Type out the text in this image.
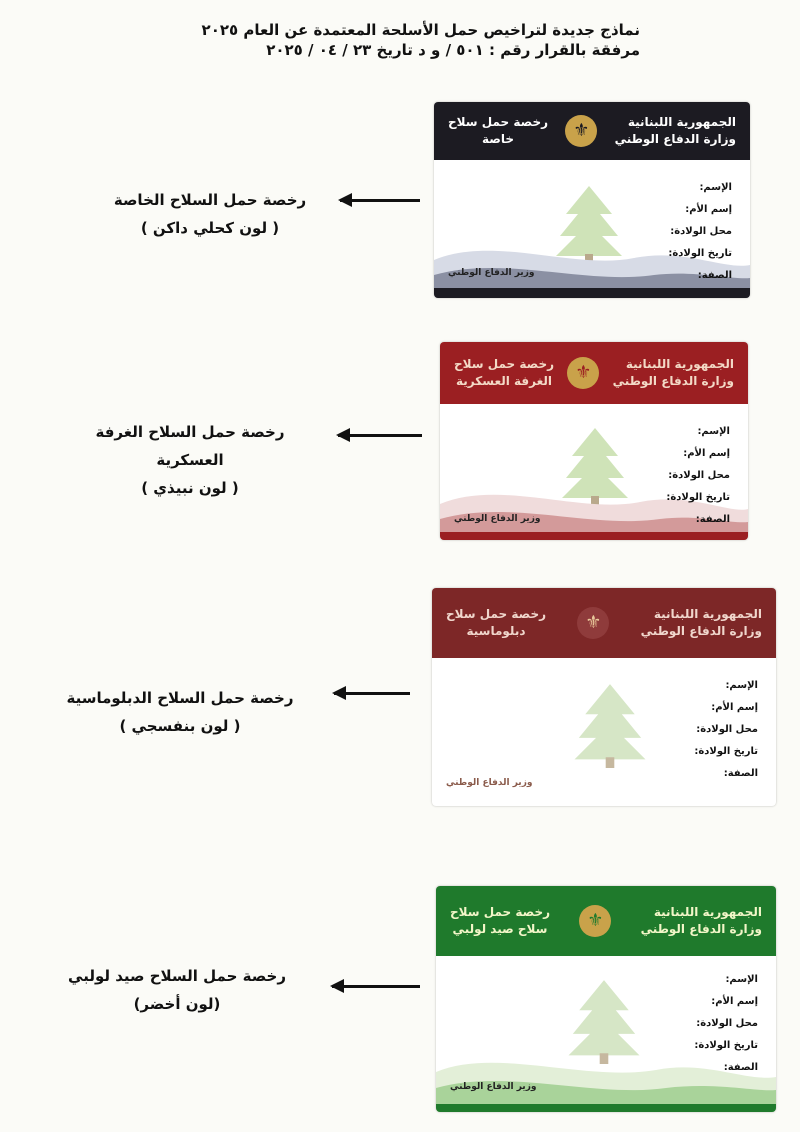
نماذج جديدة لتراخيص حمل الأسلحة المعتمدة عن العام ٢٠٢٥
مرفقة بالقرار رقم : ٥٠١ / و د تاريخ ٢٣ / ٠٤ / ٢٠٢٥
رخصة حمل السلاح الخاصة
( لون كحلي داكن )
الجمهورية اللبنانية
وزارة الدفاع الوطني
⚜
رخصة حمل سلاح
خاصة
الإسم:
إسم الأم:
محل الولادة:
تاريخ الولادة:
الصفة:
وزير الدفاع الوطني
رخصة حمل السلاح الغرفة العسكرية
( لون نبيذي )
الجمهورية اللبنانية
وزارة الدفاع الوطني
⚜
رخصة حمل سلاح
الغرفة العسكرية
الإسم:
إسم الأم:
محل الولادة:
تاريخ الولادة:
الصفة:
وزير الدفاع الوطني
رخصة حمل السلاح الدبلوماسية
( لون بنفسجي )
الجمهورية اللبنانية
وزارة الدفاع الوطني
⚜
رخصة حمل سلاح
دبلوماسية
الإسم:
إسم الأم:
محل الولادة:
تاريخ الولادة:
الصفة:
وزير الدفاع الوطني
رخصة حمل السلاح صيد لولبي
(لون أخضر)
الجمهورية اللبنانية
وزارة الدفاع الوطني
⚜
رخصة حمل سلاح
سلاح صيد لولبي
الإسم:
إسم الأم:
محل الولادة:
تاريخ الولادة:
الصفة:
وزير الدفاع الوطني
